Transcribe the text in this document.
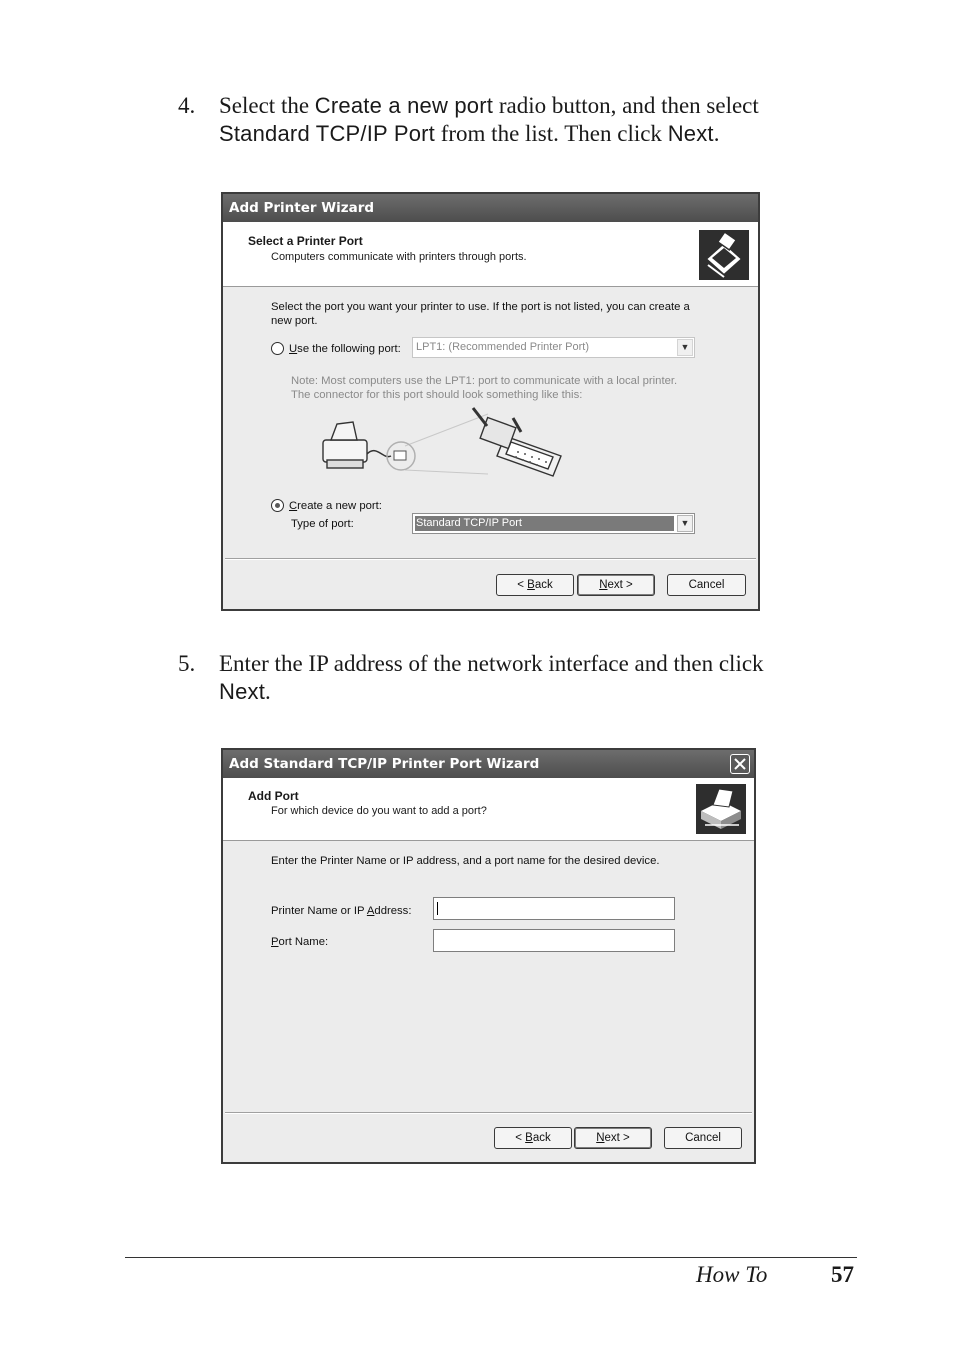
4. Select the Create a new port radio button, and then select
Standard TCP/IP Port from the list. Then click Next.
Add Printer Wizard
Select a Printer Port
Computers communicate with printers through ports.
Select the port you want your printer to use. If the port is not listed, you can create a
new port.
Use the following port: LPT1: (Recommended Printer Port)	▼
Note: Most computers use the LPT1: port to communicate with a local printer.
The connector for this port should look something like this:
Create a new port:
Type of port:	Standard TCP/IP Port	▼
< Back	Next >	Cancel
5. Enter the IP address of the network interface and then click
Next.
Add Standard TCP/IP Printer Port Wizard
Add Port
For which device do you want to add a port?
Enter the Printer Name or IP address, and a port name for the desired device.
Printer Name or IP Address:
Port Name:
< Back	Next >	Cancel
How To	57
